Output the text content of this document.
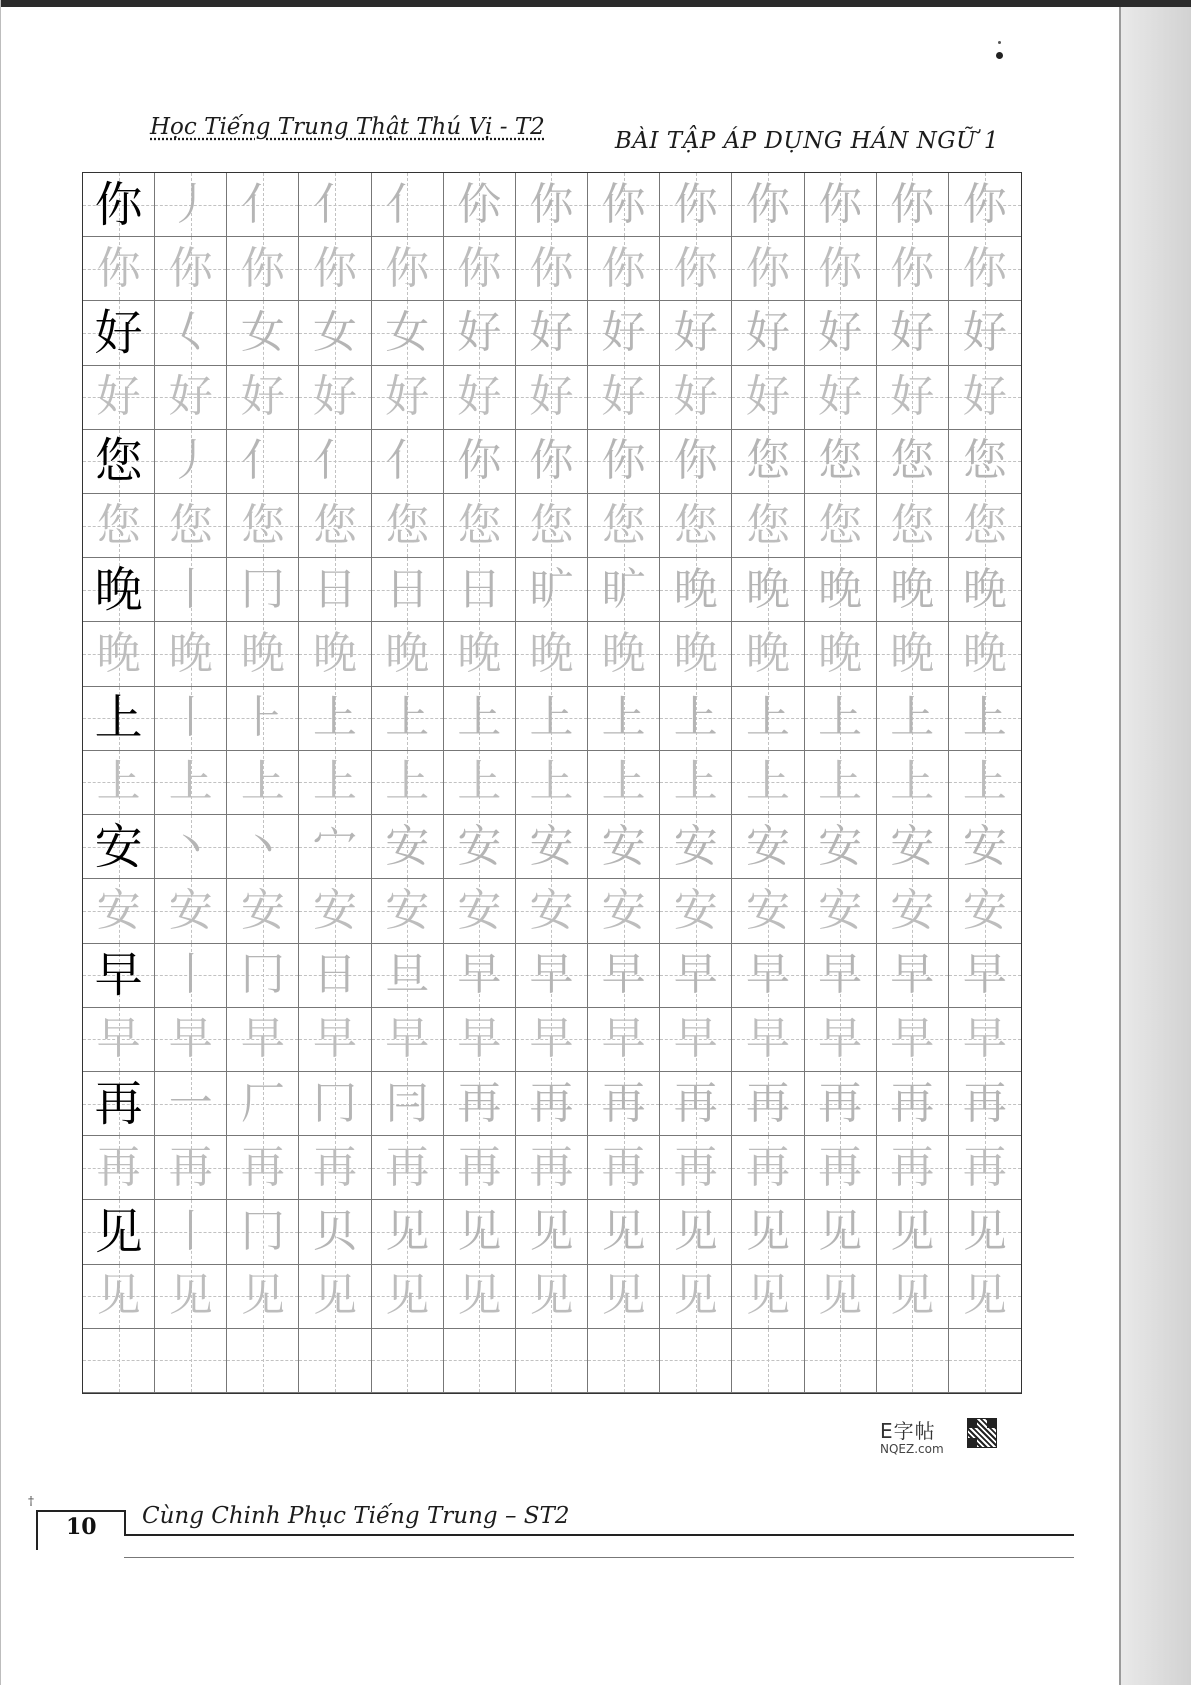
Học Tiếng Trung Thật Thú Vị - T2
BÀI TẬP ÁP DỤNG HÁN NGỮ 1
你 丿 亻 亻 亻 伱 你 你 你 你 你 你 你
你 你 你 你 你 你 你 你 你 你 你 你 你
好 𡿨 女 女 女 好 好 好 好 好 好 好 好
好 好 好 好 好 好 好 好 好 好 好 好 好
您 丿 亻 亻 亻 你 你 你 你 您 您 您 您
您 您 您 您 您 您 您 您 您 您 您 您 您
晚 丨 冂 日 日 日 旷 旷 晚 晚 晚 晚 晚
晚 晚 晚 晚 晚 晚 晚 晚 晚 晚 晚 晚 晚
上 丨 ⺊ 上 上 上 上 上 上 上 上 上 上
上 上 上 上 上 上 上 上 上 上 上 上 上
安 丶 丶 宀 安 安 安 安 安 安 安 安 安
安 安 安 安 安 安 安 安 安 安 安 安 安
早 丨 冂 日 旦 早 早 早 早 早 早 早 早
早 早 早 早 早 早 早 早 早 早 早 早 早
再 一 厂 冂 冃 再 再 再 再 再 再 再 再
再 再 再 再 再 再 再 再 再 再 再 再 再
见 丨 冂 贝 见 见 见 见 见 见 见 见 见
见 见 见 见 见 见 见 见 见 见 见 见 见
E字帖
NQEZ.com
†
10 Cùng Chinh Phục Tiếng Trung – ST2
